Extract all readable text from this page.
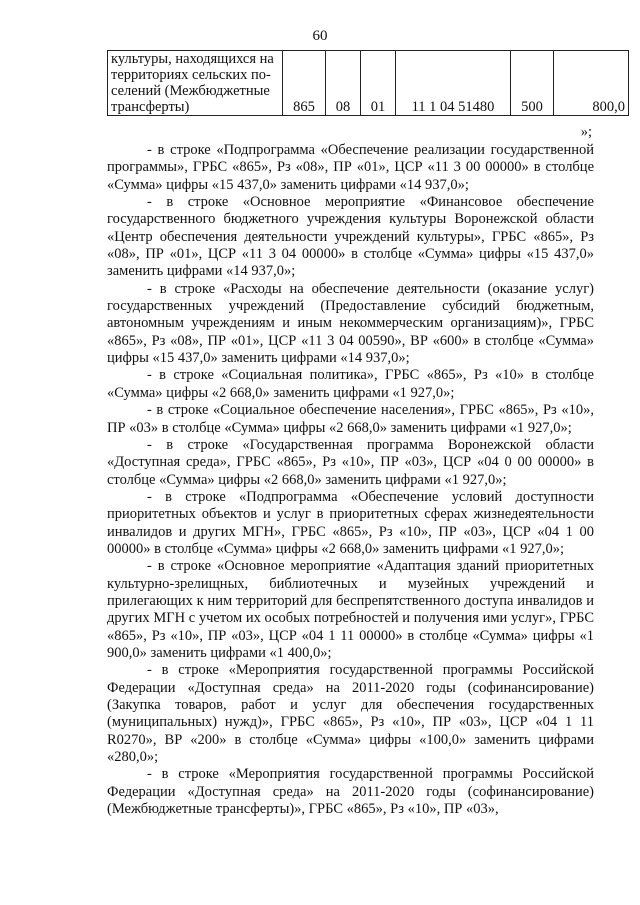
60
культуры, находящихся на
территориях сельских по-
селений (Межбюджетные
трансферты)	865	08	01	11 1 04 51480	500	800,0
»;

- в строке «Подпрограмма «Обеспечение реализации государственной программы», ГРБС «865», Рз «08», ПР «01», ЦСР «11 3 00 00000» в столбце «Сумма» цифры «15 437,0» заменить цифрами «14 937,0»;

- в строке «Основное мероприятие «Финансовое обеспечение государственного бюджетного учреждения культуры Воронежской области «Центр обеспечения деятельности учреждений культуры», ГРБС «865», Рз «08», ПР «01», ЦСР «11 3 04 00000» в столбце «Сумма» цифры «15 437,0» заменить цифрами «14 937,0»;

- в строке «Расходы на обеспечение деятельности (оказание услуг) государственных учреждений (Предоставление субсидий бюджетным, автономным учреждениям и иным некоммерческим организациям)», ГРБС «865», Рз «08», ПР «01», ЦСР «11 3 04 00590», ВР «600» в столбце «Сумма» цифры «15 437,0» заменить цифрами «14 937,0»;

- в строке «Социальная политика», ГРБС «865», Рз «10» в столбце «Сумма» цифры «2 668,0» заменить цифрами «1 927,0»;

- в строке «Социальное обеспечение населения», ГРБС «865», Рз «10», ПР «03» в столбце «Сумма» цифры «2 668,0» заменить цифрами «1 927,0»;

- в строке «Государственная программа Воронежской области «Доступная среда», ГРБС «865», Рз «10», ПР «03», ЦСР «04 0 00 00000» в столбце «Сумма» цифры «2 668,0» заменить цифрами «1 927,0»;

- в строке «Подпрограмма «Обеспечение условий доступности приоритетных объектов и услуг в приоритетных сферах жизнедеятельности инвалидов и других МГН», ГРБС «865», Рз «10», ПР «03», ЦСР «04 1 00 00000» в столбце «Сумма» цифры «2 668,0» заменить цифрами «1 927,0»;

- в строке «Основное мероприятие «Адаптация зданий приоритетных культурно-зрелищных, библиотечных и музейных учреждений и прилегающих к ним территорий для беспрепятственного доступа инвалидов и других МГН с учетом их особых потребностей и получения ими услуг», ГРБС «865», Рз «10», ПР «03», ЦСР «04 1 11 00000» в столбце «Сумма» цифры «1 900,0» заменить цифрами «1 400,0»;

- в строке «Мероприятия государственной программы Российской Федерации «Доступная среда» на 2011-2020 годы (софинансирование) (Закупка товаров, работ и услуг для обеспечения государственных (муниципальных) нужд)», ГРБС «865», Рз «10», ПР «03», ЦСР «04 1 11 R0270», ВР «200» в столбце «Сумма» цифры «100,0» заменить цифрами «280,0»;

- в строке «Мероприятия государственной программы Российской Федерации «Доступная среда» на 2011-2020 годы (софинансирование) (Межбюджетные трансферты)», ГРБС «865», Рз «10», ПР «03»,
